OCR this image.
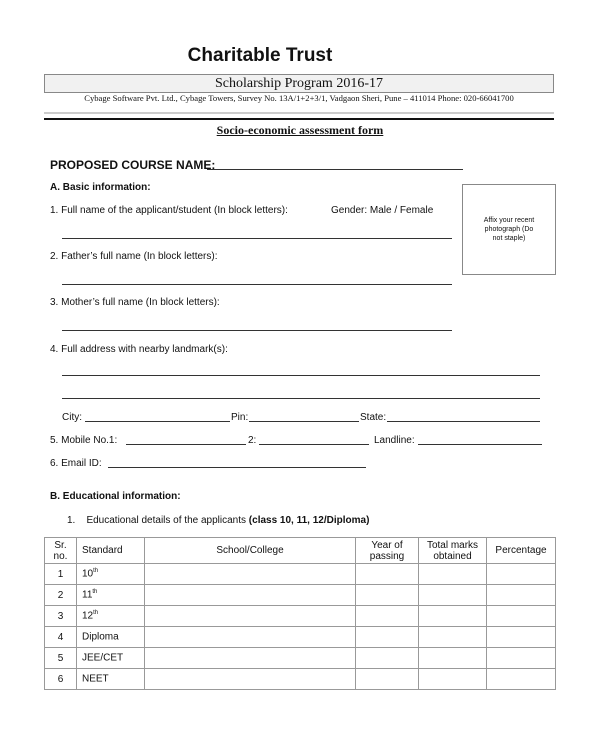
Charitable Trust
Scholarship Program 2016-17
Cybage Software Pvt. Ltd., Cybage Towers, Survey No. 13A/1+2+3/1, Vadgaon Sheri, Pune – 411014 Phone: 020-66041700
Socio-economic assessment form
PROPOSED COURSE NAME:
A. Basic information:
Affix your recent photograph (Do not staple)
1. Full name of the applicant/student (In block letters):	Gender: Male / Female
2. Father’s full name (In block letters):
3. Mother’s full name (In block letters):
4. Full address with nearby landmark(s):
City:	Pin:	State:
5. Mobile No.1:	2:	Landline:
6. Email ID:
B. Educational information:
1.    Educational details of the applicants (class 10, 11, 12/Diploma)
Sr. no.	Standard	School/College	Year of passing	Total marks obtained	Percentage
1	10th				
2	11th				
3	12th				
4	Diploma				
5	JEE/CET				
6	NEET				
